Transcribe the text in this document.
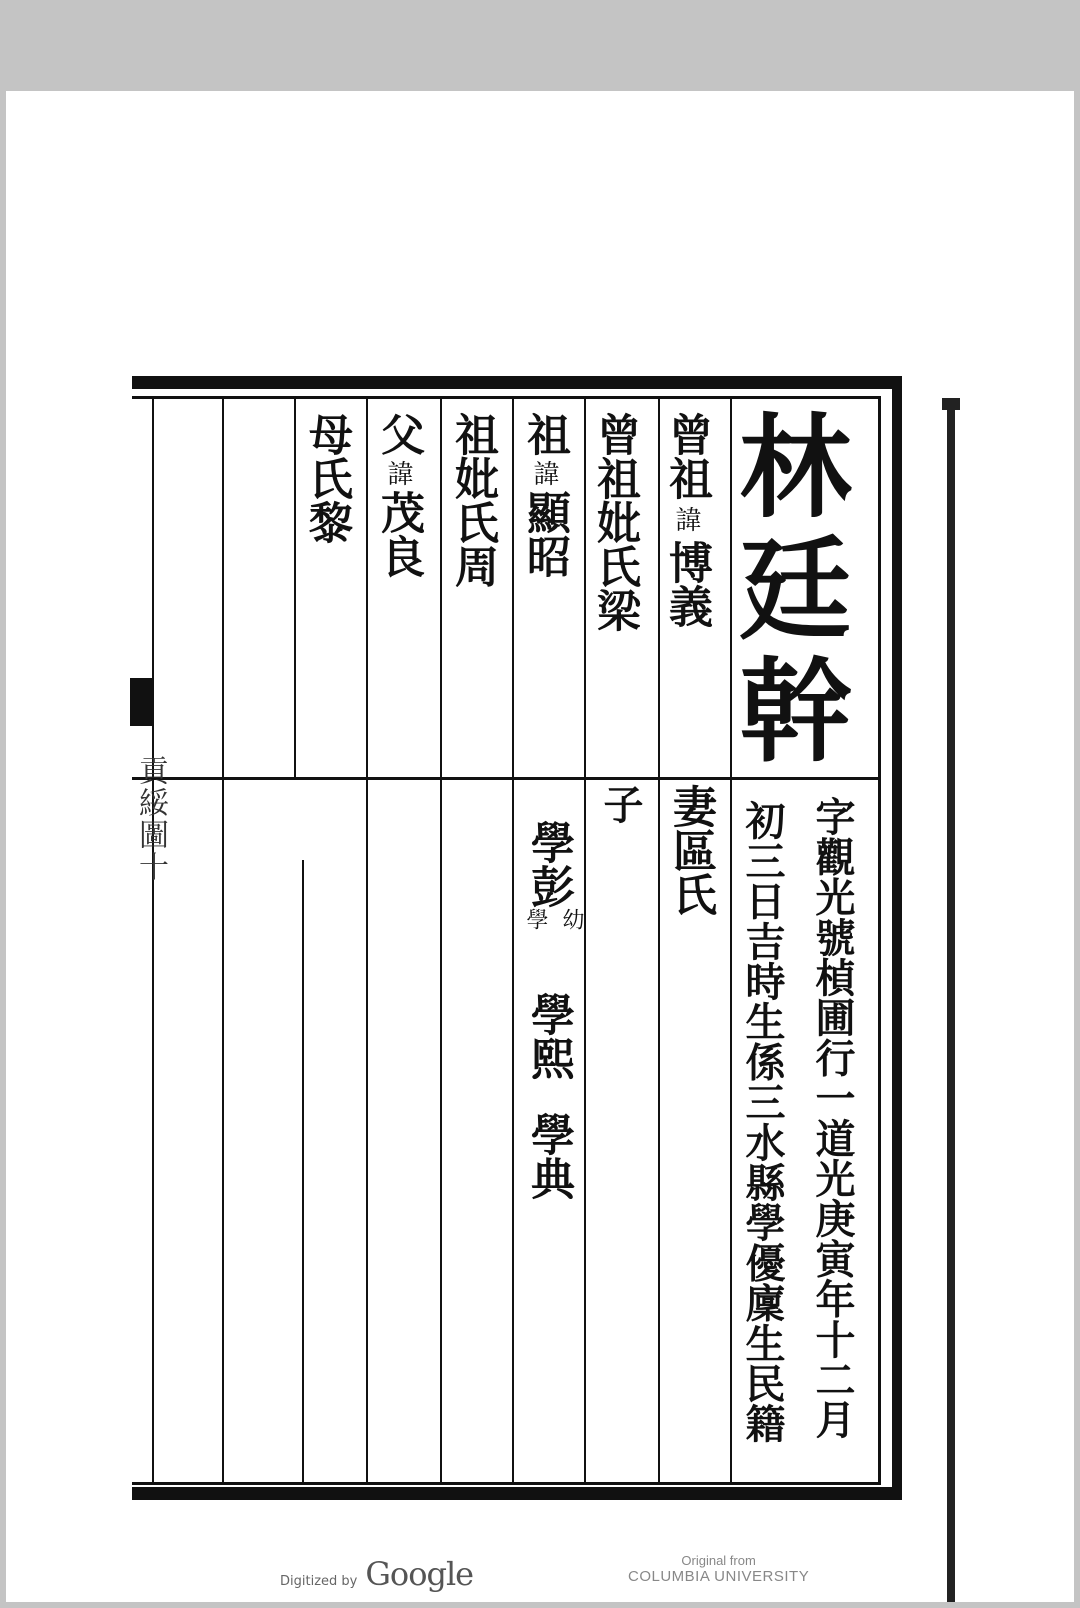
林廷幹
曾祖諱博義
曾祖妣氏梁
祖諱顯昭
祖妣氏周
父諱茂良
母氏黎
字觀光號楨圃行一道光庚寅年十二月
初三日吉時生係三水縣學優廩生民籍
妻區氏
子
學彭
幼
學
學熙
學典
貢綏圖十
Digitized by Google	Original from
COLUMBIA UNIVERSITY
